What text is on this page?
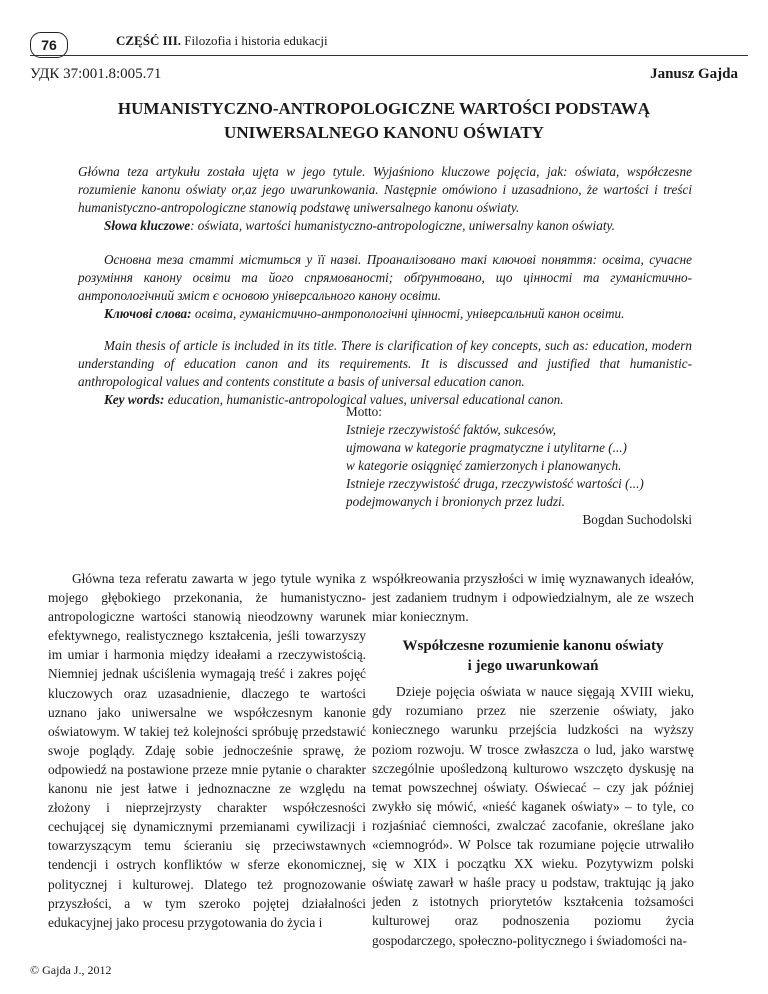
76	CZĘŚĆ III. Filozofia i historia edukacji
УДК 37:001.8:005.71	Janusz Gajda
HUMANISTYCZNO-ANTROPOLOGICZNE WARTOŚCI PODSTAWĄ
UNIWERSALNEGO KANONU OŚWIATY
Główna teza artykułu została ujęta w jego tytule. Wyjaśniono kluczowe pojęcia, jak: oświata, współczesne rozumienie kanonu oświaty or,az jego uwarunkowania. Następnie omówiono i uzasadniono, że wartości i treści humanistyczno-antropologiczne stanowią podstawę uniwersalnego kanonu oświaty.
Słowa kluczowe: oświata, wartości humanistyczno-antropologiczne, uniwersalny kanon oświaty.
Основна теза статті міститься у її назві. Проаналізовано такі ключові поняття: освіта, сучасне розуміння канону освіти та його спрямованості; обґрунтовано, що цінності та гуманістично-антропологічний зміст є основою універсального канону освіти.
Ключові слова: освіта, гуманістично-антропологічні цінності, універсальний канон освіти.
Main thesis of article is included in its title. There is clarification of key concepts, such as: education, modern understanding of education canon and its requirements. It is discussed and justified that humanistic-anthropological values and contents constitute a basis of universal education canon.
Key words: education, humanistic-antropological values, universal educational canon.
Motto:
Istnieje rzeczywistość faktów, sukcesów,
ujmowana w kategorie pragmatyczne i utylitarne (...)
w kategorie osiągnięć zamierzonych i planowanych.
Istnieje rzeczywistość druga, rzeczywistość wartości (...)
podejmowanych i bronionych przez ludzi.
Bogdan Suchodolski

Główna teza referatu zawarta w jego tytule wynika z mojego głębokiego przekonania, że humanistyczno-antropologiczne wartości stanowią nieodzowny warunek efektywnego, realistycznego kształcenia, jeśli towarzyszy im umiar i harmonia między ideałami a rzeczywistością. Niemniej jednak uściślenia wymagają treść i zakres pojęć kluczowych oraz uzasadnienie, dlaczego te wartości uznano jako uniwersalne we współczesnym kanonie oświatowym. W takiej też kolejności spróbuję przedstawić swoje poglądy. Zdaję sobie jednocześnie sprawę, że odpowiedź na postawione przeze mnie pytanie o charakter kanonu nie jest łatwe i jednoznaczne ze względu na złożony i nieprzejrzysty charakter współczesności cechującej się dynamicznymi przemianami cywilizacji i towarzyszącym temu ścieraniu się przeciwstawnych tendencji i ostrych konfliktów w sferze ekonomicznej, politycznej i kulturowej. Dlatego też prognozowanie przyszłości, a w tym szeroko pojętej działalności edukacyjnej jako procesu przygotowania do życia i

współkreowania przyszłości w imię wyznawanych ideałów, jest zadaniem trudnym i odpowiedzialnym, ale ze wszech miar koniecznym.

Współczesne rozumienie kanonu oświaty
i jego uwarunkowań

Dzieje pojęcia oświata w nauce sięgają XVIII wieku, gdy rozumiano przez nie szerzenie oświaty, jako koniecznego warunku przejścia ludzkości na wyższy poziom rozwoju. W trosce zwłaszcza o lud, jako warstwę szczególnie upośledzoną kulturowo wszczęto dyskusję na temat powszechnej oświaty. Oświecać – czy jak później zwykło się mówić, «nieść kaganek oświaty» – to tyle, co rozjaśniać ciemności, zwalczać zacofanie, określane jako «ciemnogród». W Polsce tak rozumiane pojęcie utrwaliło się w XIX i początku XX wieku. Pozytywizm polski oświatę zawarł w haśle pracy u podstaw, traktując ją jako jeden z istotnych priorytetów kształcenia tożsamości kulturowej oraz podnoszenia poziomu życia gospodarczego, społeczno-politycznego i świadomości na-

© Gajda J., 2012
